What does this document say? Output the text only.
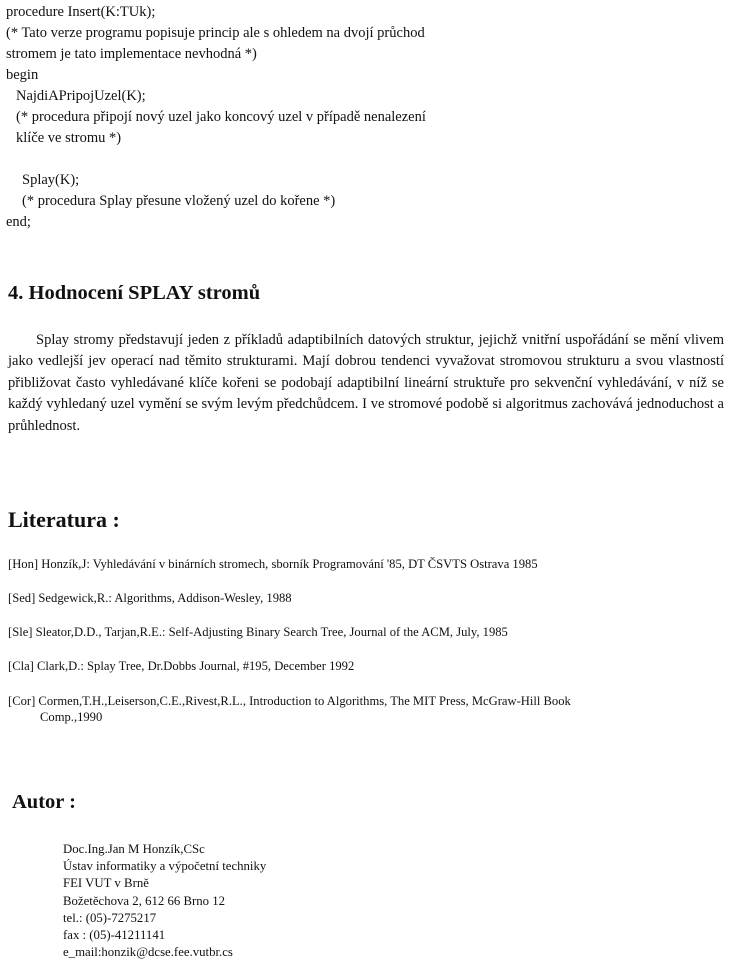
procedure Insert(K:TUk);
(* Tato verze programu popisuje princip ale s ohledem na dvojí průchod
stromem je tato implementace nevhodná *)
begin
NajdiAPripojUzel(K);
(* procedura připojí nový uzel jako koncový uzel v případě nenalezení
klíče ve stromu *)
Splay(K);
(* procedura Splay přesune vložený uzel do kořene *)
end;
4. Hodnocení SPLAY stromů

Splay stromy představují jeden z příkladů adaptibilních datových struktur, jejichž vnitřní uspořádání se mění vlivem jako vedlejší jev operací nad těmito strukturami. Mají dobrou tendenci vyvažovat stromovou strukturu a svou vlastností přibližovat často vyhledávané klíče kořeni se podobají adaptibilní lineární struktuře pro sekvenční vyhledávání, v níž se každý vyhledaný uzel vymění se svým levým předchůdcem. I ve stromové podobě si algoritmus zachovává jednoduchost a průhlednost.

Literatura :
[Hon] Honzík,J: Vyhledávání v binárních stromech, sborník Programování '85, DT ČSVTS Ostrava 1985
[Sed] Sedgewick,R.: Algorithms, Addison-Wesley, 1988
[Sle] Sleator,D.D., Tarjan,R.E.: Self-Adjusting Binary Search Tree, Journal of the ACM, July, 1985
[Cla] Clark,D.: Splay Tree, Dr.Dobbs Journal, #195, December 1992
[Cor] Cormen,T.H.,Leiserson,C.E.,Rivest,R.L., Introduction to Algorithms, The MIT Press, McGraw-Hill Book
Comp.,1990
Autor :
Doc.Ing.Jan M Honzík,CSc
Ústav informatiky a výpočetní techniky
FEI VUT v Brně
Božetěchova 2, 612 66 Brno 12
tel.: (05)-7275217
fax : (05)-41211141
e_mail:honzik@dcse.fee.vutbr.cs
